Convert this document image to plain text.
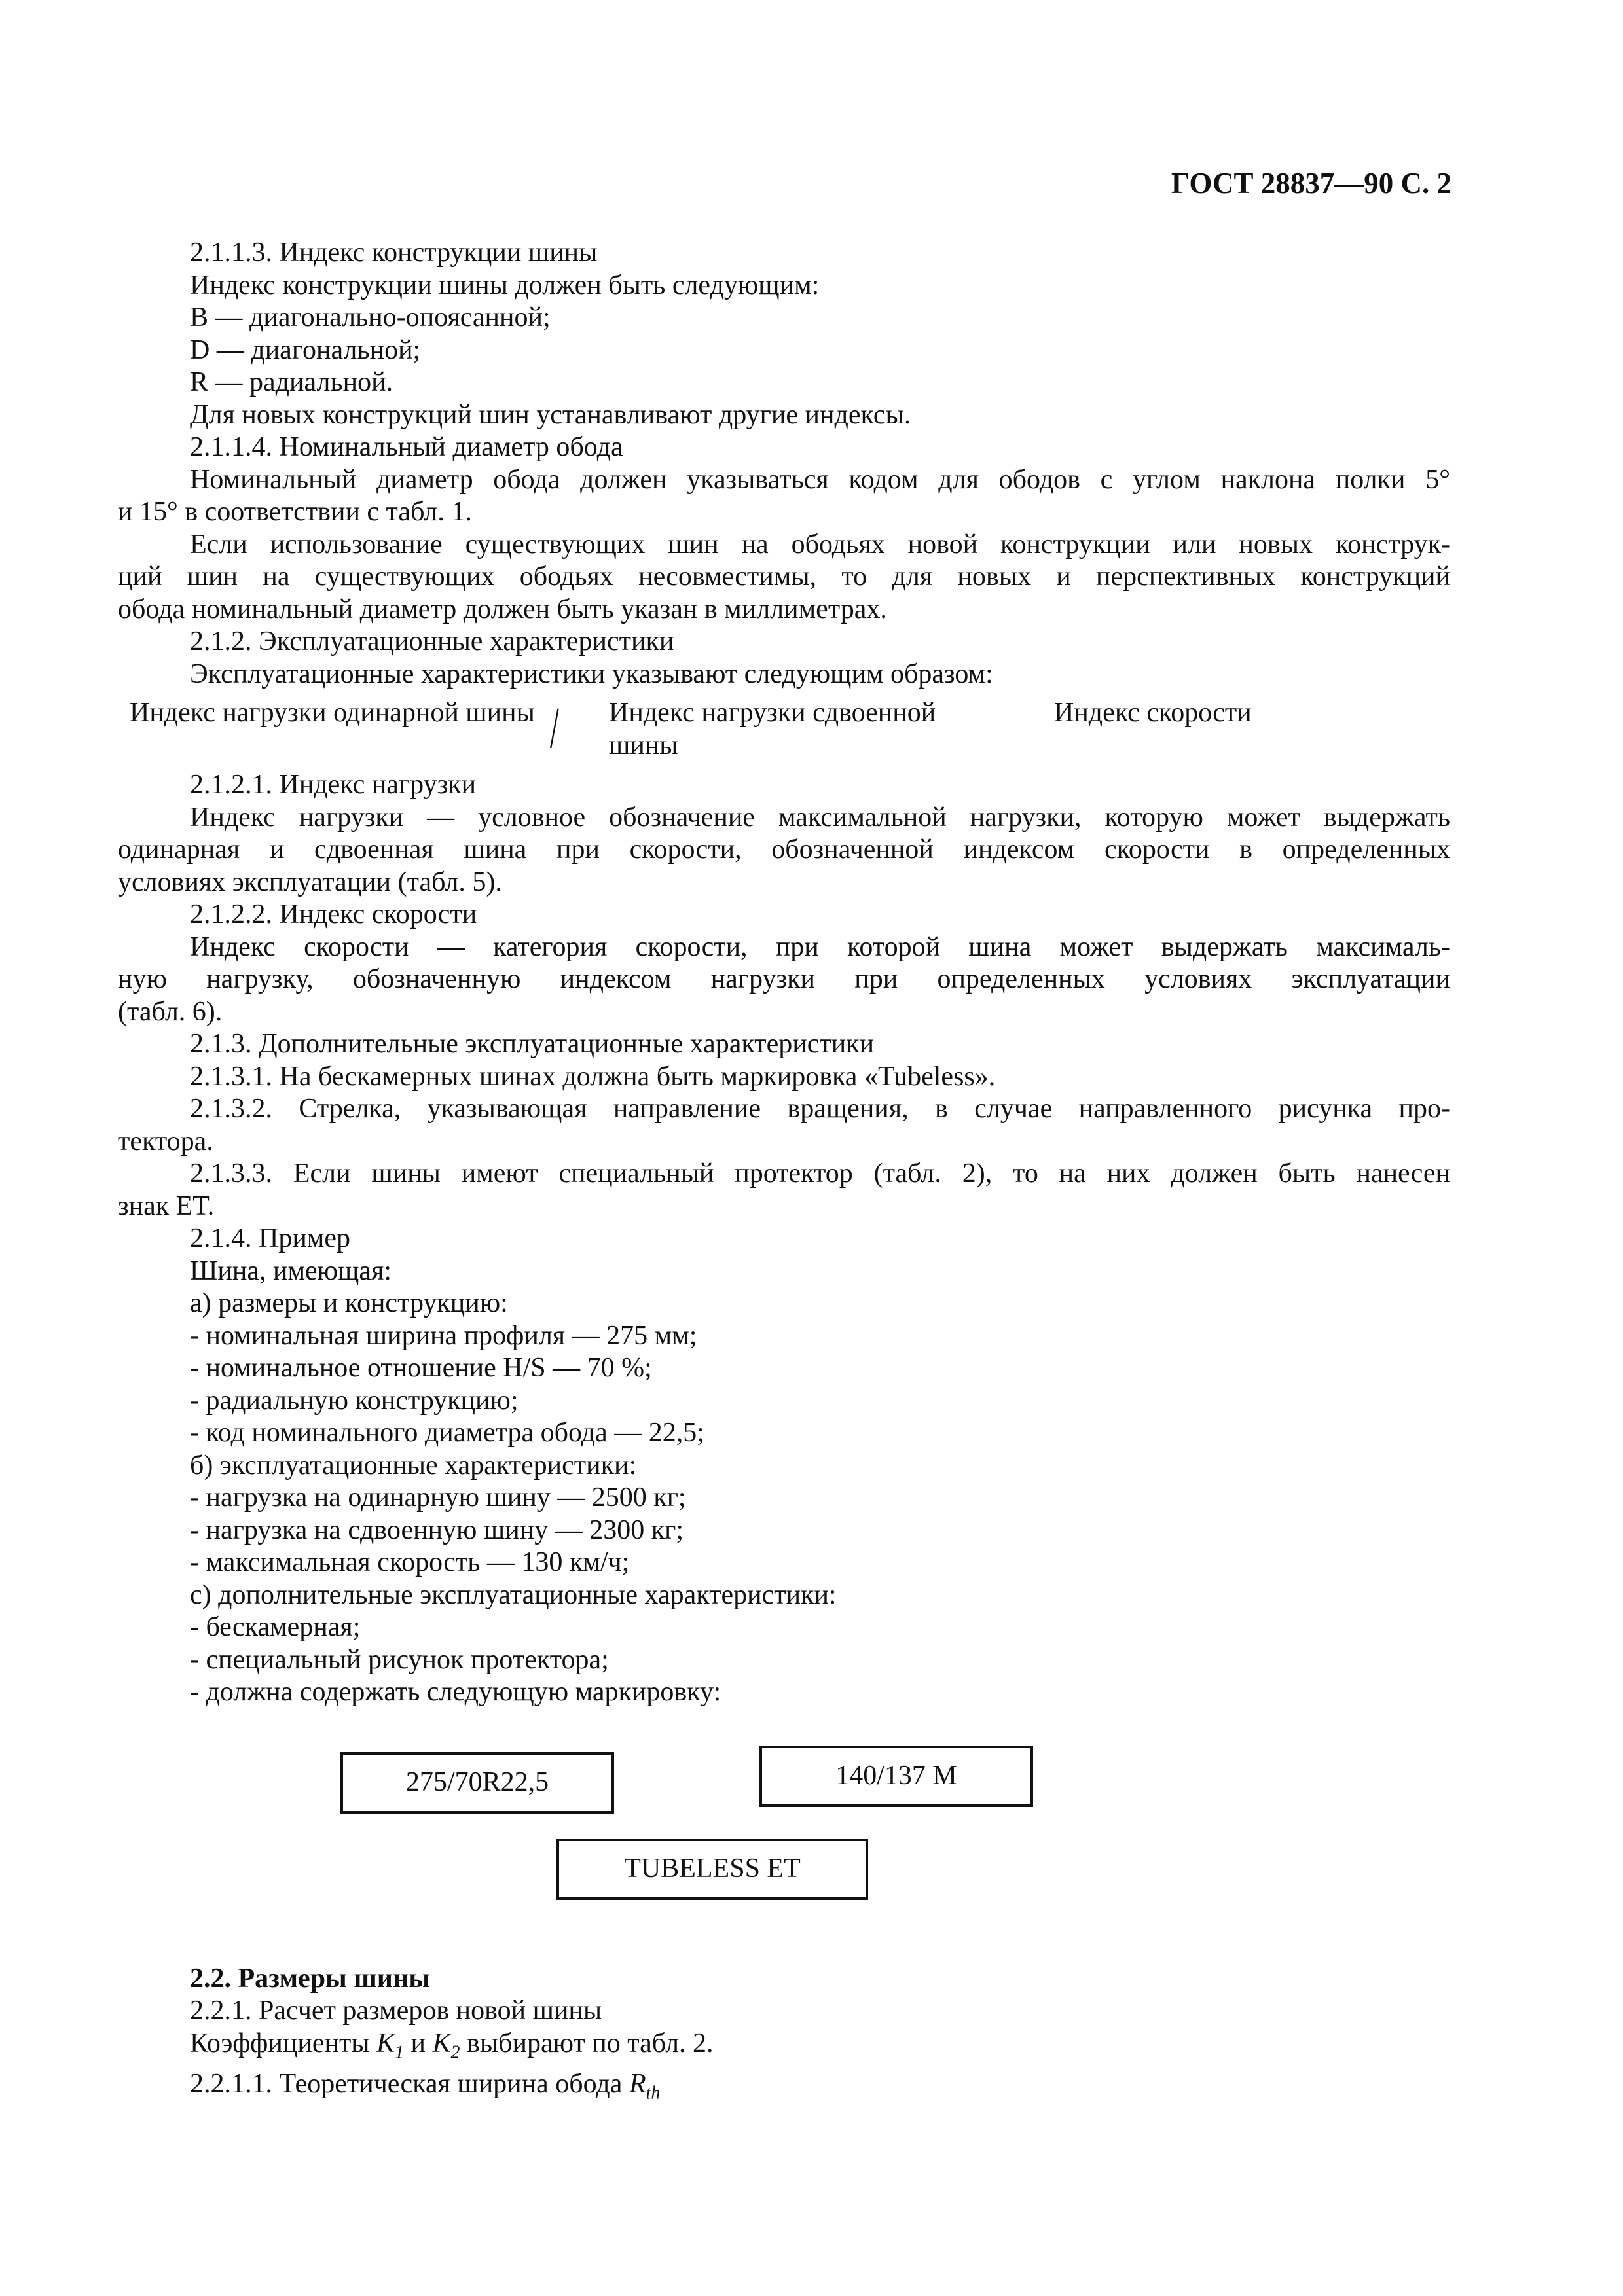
ГОСТ 28837—90 С. 2
2.1.1.3. Индекс конструкции шины
Индекс конструкции шины должен быть следующим:
B — диагонально-опоясанной;
D — диагональной;
R — радиальной.
Для новых конструкций шин устанавливают другие индексы.
2.1.1.4. Номинальный диаметр обода
Номинальный диаметр обода должен указываться кодом для ободов с углом наклона полки 5°
и 15° в соответствии с табл. 1.
Если использование существующих шин на ободьях новой конструкции или новых конструк-
ций шин на существующих ободьях несовместимы, то для новых и перспективных конструкций
обода номинальный диаметр должен быть указан в миллиметрах.
2.1.2. Эксплуатационные характеристики
Эксплуатационные характеристики указывают следующим образом:
Индекс нагрузки одинарной шины / Индекс нагрузки сдвоенной шины
Индекс скорости
2.1.2.1. Индекс нагрузки
Индекс нагрузки — условное обозначение максимальной нагрузки, которую может выдержать
одинарная и сдвоенная шина при скорости, обозначенной индексом скорости в определенных
условиях эксплуатации (табл. 5).
2.1.2.2. Индекс скорости
Индекс скорости — категория скорости, при которой шина может выдержать максималь-
ную нагрузку, обозначенную индексом нагрузки при определенных условиях эксплуатации
(табл. 6).
2.1.3. Дополнительные эксплуатационные характеристики
2.1.3.1. На бескамерных шинах должна быть маркировка «Tubeless».
2.1.3.2. Стрелка, указывающая направление вращения, в случае направленного рисунка про-
тектора.
2.1.3.3. Если шины имеют специальный протектор (табл. 2), то на них должен быть нанесен
знак ET.
2.1.4. Пример
Шина, имеющая:
а) размеры и конструкцию:
- номинальная ширина профиля — 275 мм;
- номинальное отношение H/S — 70 %;
- радиальную конструкцию;
- код номинального диаметра обода — 22,5;
б) эксплуатационные характеристики:
- нагрузка на одинарную шину — 2500 кг;
- нагрузка на сдвоенную шину — 2300 кг;
- максимальная скорость — 130 км/ч;
с) дополнительные эксплуатационные характеристики:
- бескамерная;
- специальный рисунок протектора;
- должна содержать следующую маркировку:
275/70R22,5	140/137 M
TUBELESS ET
2.2. Размеры шины
2.2.1. Расчет размеров новой шины
Коэффициенты $K_1$ и $K_2$ выбирают по табл. 2.
2.2.1.1. Теоретическая ширина обода $R_{th}$
